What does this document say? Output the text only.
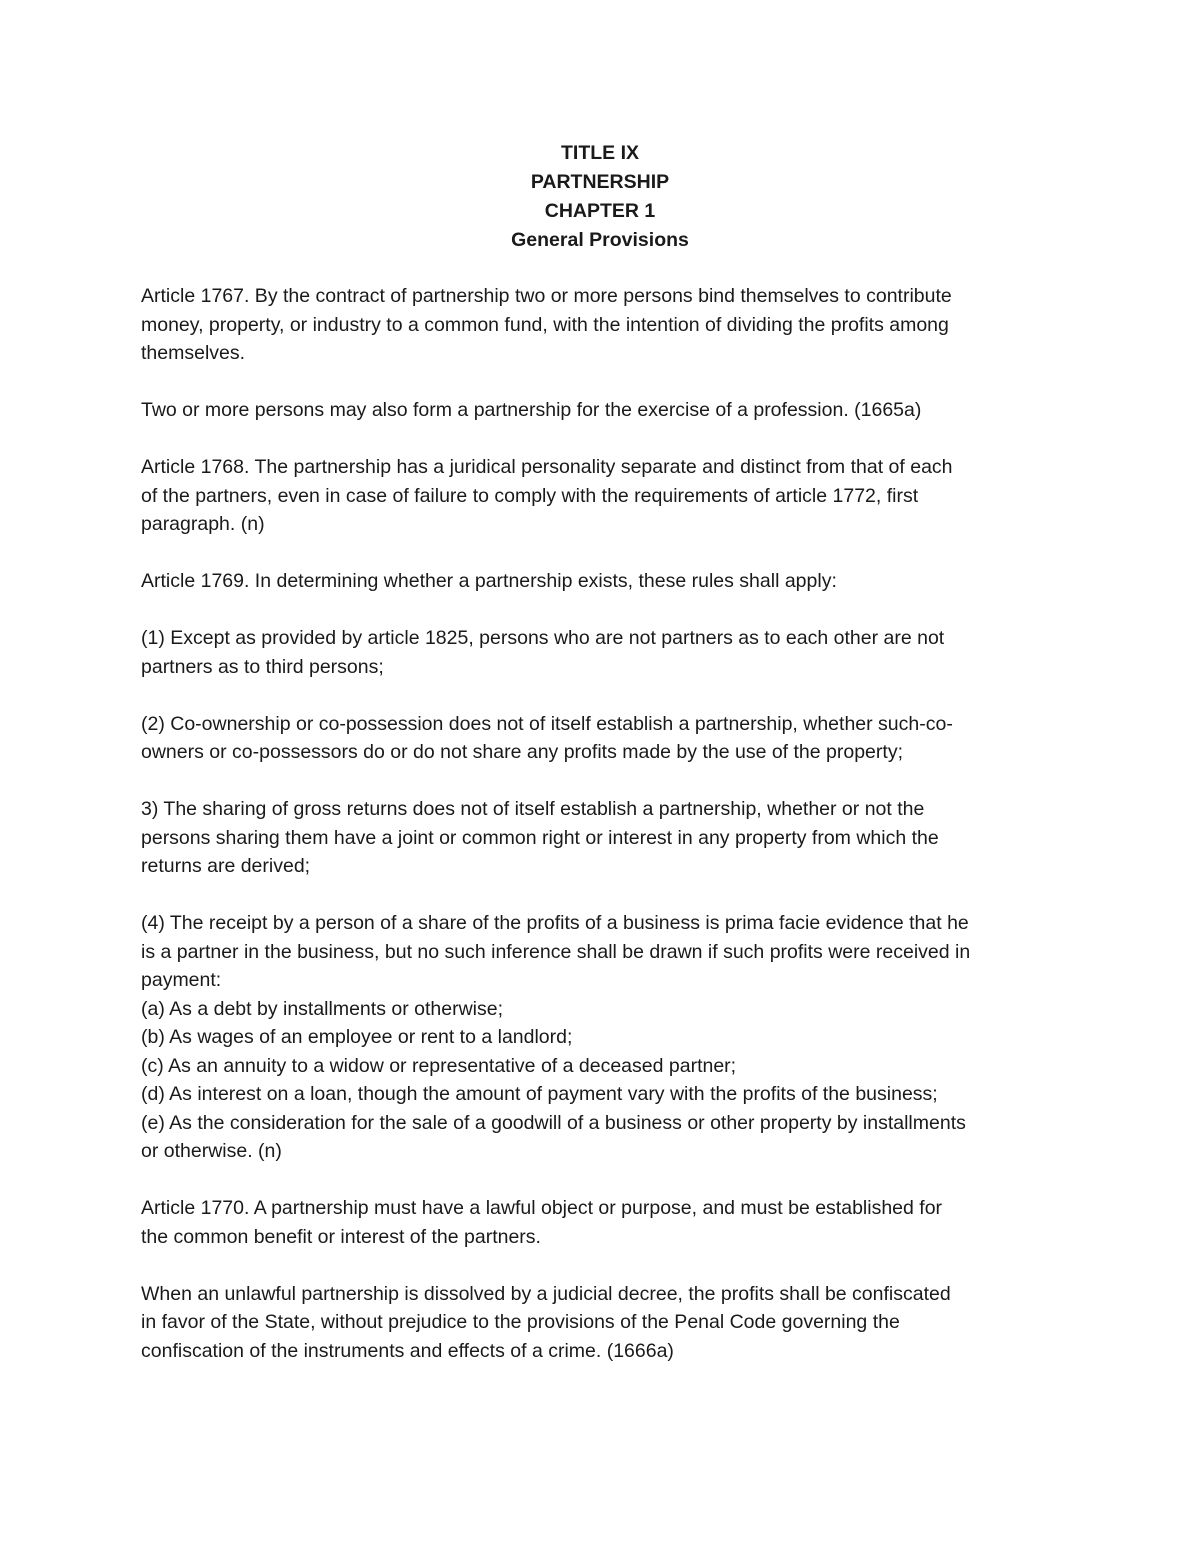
TITLE IX

PARTNERSHIP

CHAPTER 1

General Provisions

Article 1767. By the contract of partnership two or more persons bind themselves to contribute
money, property, or industry to a common fund, with the intention of dividing the profits among
themselves.

Two or more persons may also form a partnership for the exercise of a profession. (1665a)

Article 1768. The partnership has a juridical personality separate and distinct from that of each
of the partners, even in case of failure to comply with the requirements of article 1772, first
paragraph. (n)

Article 1769. In determining whether a partnership exists, these rules shall apply:

(1) Except as provided by article 1825, persons who are not partners as to each other are not
partners as to third persons;

(2) Co-ownership or co-possession does not of itself establish a partnership, whether such-co-
owners or co-possessors do or do not share any profits made by the use of the property;

3) The sharing of gross returns does not of itself establish a partnership, whether or not the
persons sharing them have a joint or common right or interest in any property from which the
returns are derived;

(4) The receipt by a person of a share of the profits of a business is prima facie evidence that he
is a partner in the business, but no such inference shall be drawn if such profits were received in
payment:
(a) As a debt by installments or otherwise;
(b) As wages of an employee or rent to a landlord;
(c) As an annuity to a widow or representative of a deceased partner;
(d) As interest on a loan, though the amount of payment vary with the profits of the business;
(e) As the consideration for the sale of a goodwill of a business or other property by installments
or otherwise. (n)

Article 1770. A partnership must have a lawful object or purpose, and must be established for
the common benefit or interest of the partners.

When an unlawful partnership is dissolved by a judicial decree, the profits shall be confiscated
in favor of the State, without prejudice to the provisions of the Penal Code governing the
confiscation of the instruments and effects of a crime. (1666a)
